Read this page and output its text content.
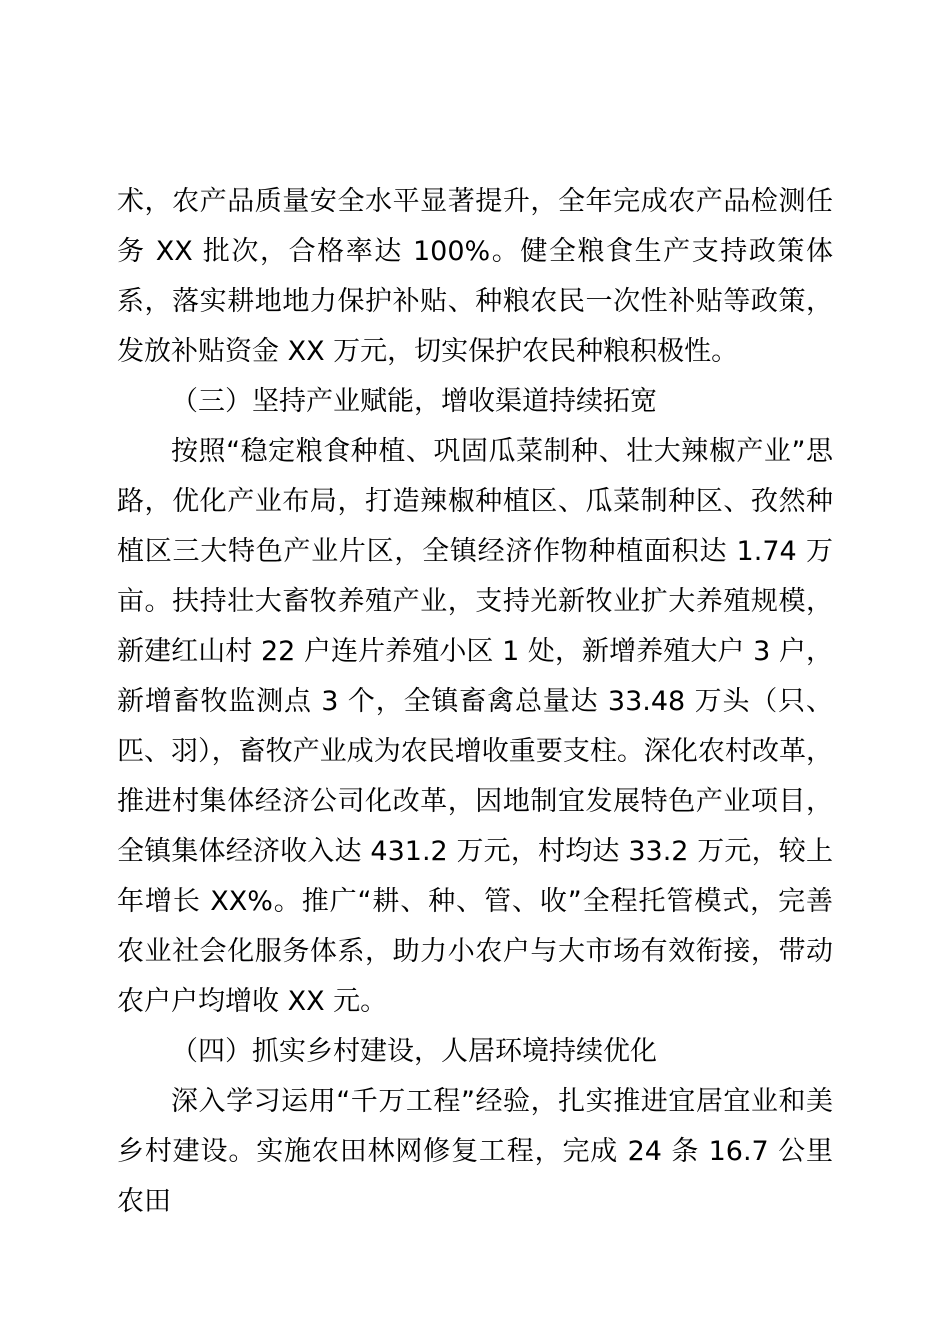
术，农产品质量安全水平显著提升，全年完成农产品检测任务 XX 批次，合格率达 100%。健全粮食生产支持政策体系，落实耕地地力保护补贴、种粮农民一次性补贴等政策，发放补贴资金 XX 万元，切实保护农民种粮积极性。

（三）坚持产业赋能，增收渠道持续拓宽

按照“稳定粮食种植、巩固瓜菜制种、壮大辣椒产业”思路，优化产业布局，打造辣椒种植区、瓜菜制种区、孜然种植区三大特色产业片区，全镇经济作物种植面积达 1.74 万亩。扶持壮大畜牧养殖产业，支持光新牧业扩大养殖规模，新建红山村 22 户连片养殖小区 1 处，新增养殖大户 3 户，新增畜牧监测点 3 个，全镇畜禽总量达 33.48 万头（只、匹、羽），畜牧产业成为农民增收重要支柱。深化农村改革，推进村集体经济公司化改革，因地制宜发展特色产业项目，全镇集体经济收入达 431.2 万元，村均达 33.2 万元，较上年增长 XX%。推广“耕、种、管、收”全程托管模式，完善农业社会化服务体系，助力小农户与大市场有效衔接，带动农户户均增收 XX 元。

（四）抓实乡村建设，人居环境持续优化

深入学习运用“千万工程”经验，扎实推进宜居宜业和美乡村建设。实施农田林网修复工程，完成 24 条 16.7 公里农田
